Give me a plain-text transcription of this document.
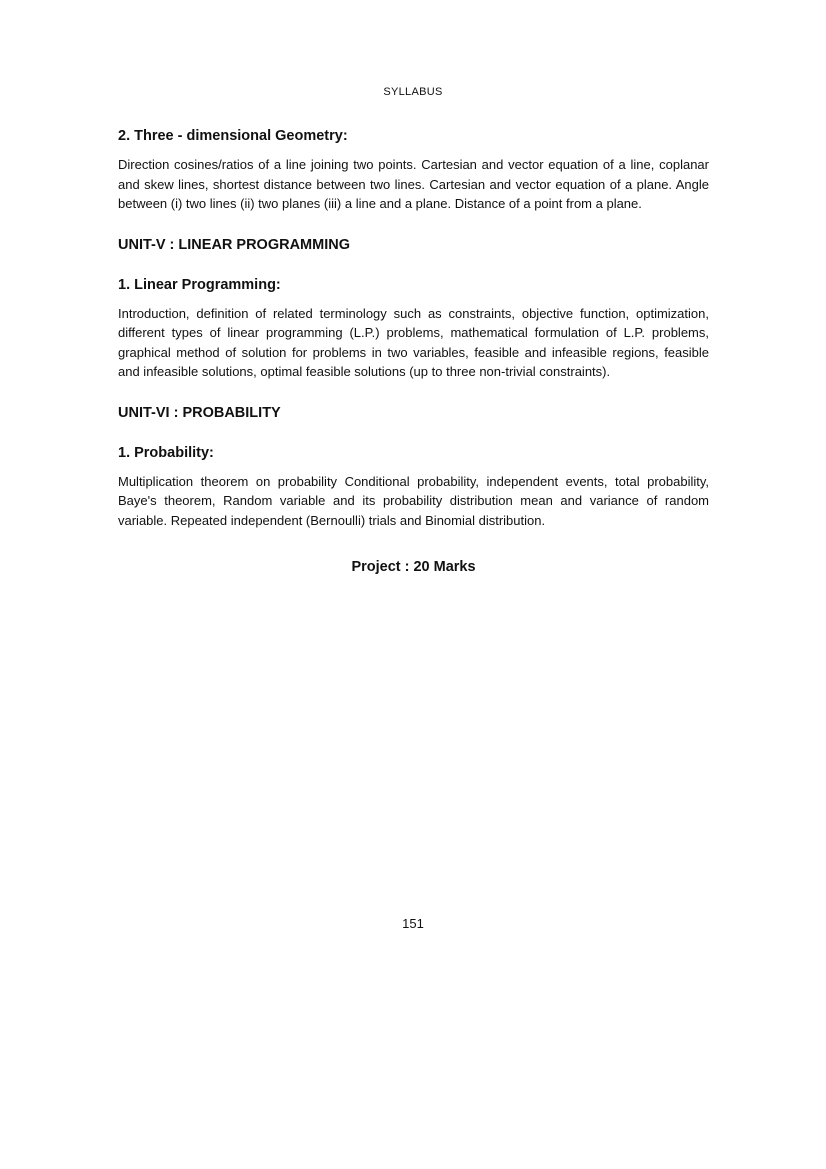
SYLLABUS
2. Three - dimensional Geometry:

Direction cosines/ratios of a line joining two points. Cartesian and vector equation of a line, coplanar and skew lines, shortest distance between two lines. Cartesian and vector equation of a plane. Angle between (i) two lines (ii) two planes (iii) a line and a plane. Distance of a point from a plane.

UNIT-V : LINEAR PROGRAMMING
1. Linear Programming:

Introduction, definition of related terminology such as constraints, objective function, optimization, different types of linear programming (L.P.) problems, mathematical formulation of L.P. problems, graphical method of solution for problems in two variables, feasible and infeasible regions, feasible and infeasible solutions, optimal feasible solutions (up to three non-trivial constraints).

UNIT-VI : PROBABILITY
1. Probability:

Multiplication theorem on probability Conditional probability, independent events, total probability, Baye's theorem, Random variable and its probability distribution mean and variance of random variable. Repeated independent (Bernoulli) trials and Binomial distribution.

Project : 20 Marks
151
